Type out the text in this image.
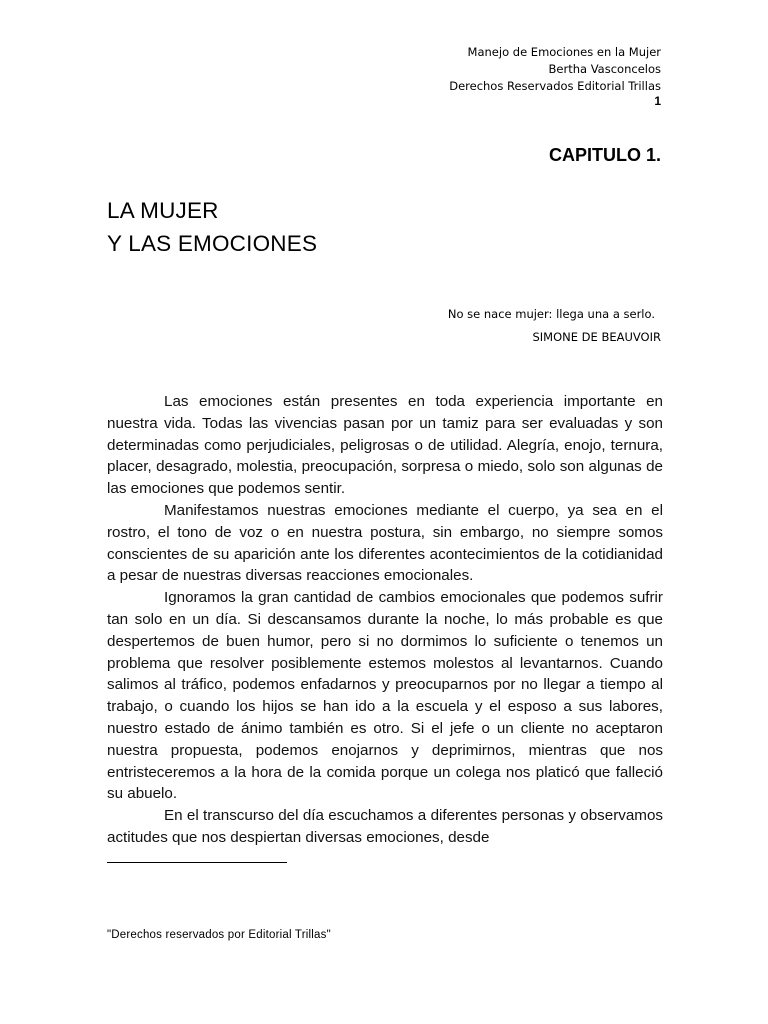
Manejo de Emociones en la Mujer
Bertha Vasconcelos
Derechos Reservados Editorial Trillas
1
CAPITULO 1.
LA MUJER
Y LAS EMOCIONES
No se nace mujer: llega una a serlo.
SIMONE DE BEAUVOIR

Las emociones están presentes en toda experiencia importante en nuestra vida. Todas las vivencias pasan por un tamiz para ser evaluadas y son determinadas como perjudiciales, peligrosas o de utilidad. Alegría, enojo, ternura, placer, desagrado, molestia, preocupación, sorpresa o miedo, solo son algunas de las emociones que podemos sentir.

Manifestamos nuestras emociones mediante el cuerpo, ya sea en el rostro, el tono de voz o en nuestra postura, sin embargo, no siempre somos conscientes de su aparición ante los diferentes acontecimientos de la cotidianidad a pesar de nuestras diversas reacciones emocionales.

Ignoramos la gran cantidad de cambios emocionales que podemos sufrir tan solo en un día. Si descansamos durante la noche, lo más probable es que despertemos de buen humor, pero si no dormimos lo suficiente o tenemos un problema que resolver posiblemente estemos molestos al levantarnos. Cuando salimos al tráfico, podemos enfadarnos y preocuparnos por no llegar a tiempo al trabajo, o cuando los hijos se han ido a la escuela y el esposo a sus labores, nuestro estado de ánimo también es otro. Si el jefe o un cliente no aceptaron nuestra propuesta, podemos enojarnos y deprimirnos, mientras que nos entristeceremos a la hora de la comida porque un colega nos platicó que falleció su abuelo.

En el transcurso del día escuchamos a diferentes personas y observamos actitudes que nos despiertan diversas emociones, desde

"Derechos reservados por Editorial Trillas"
